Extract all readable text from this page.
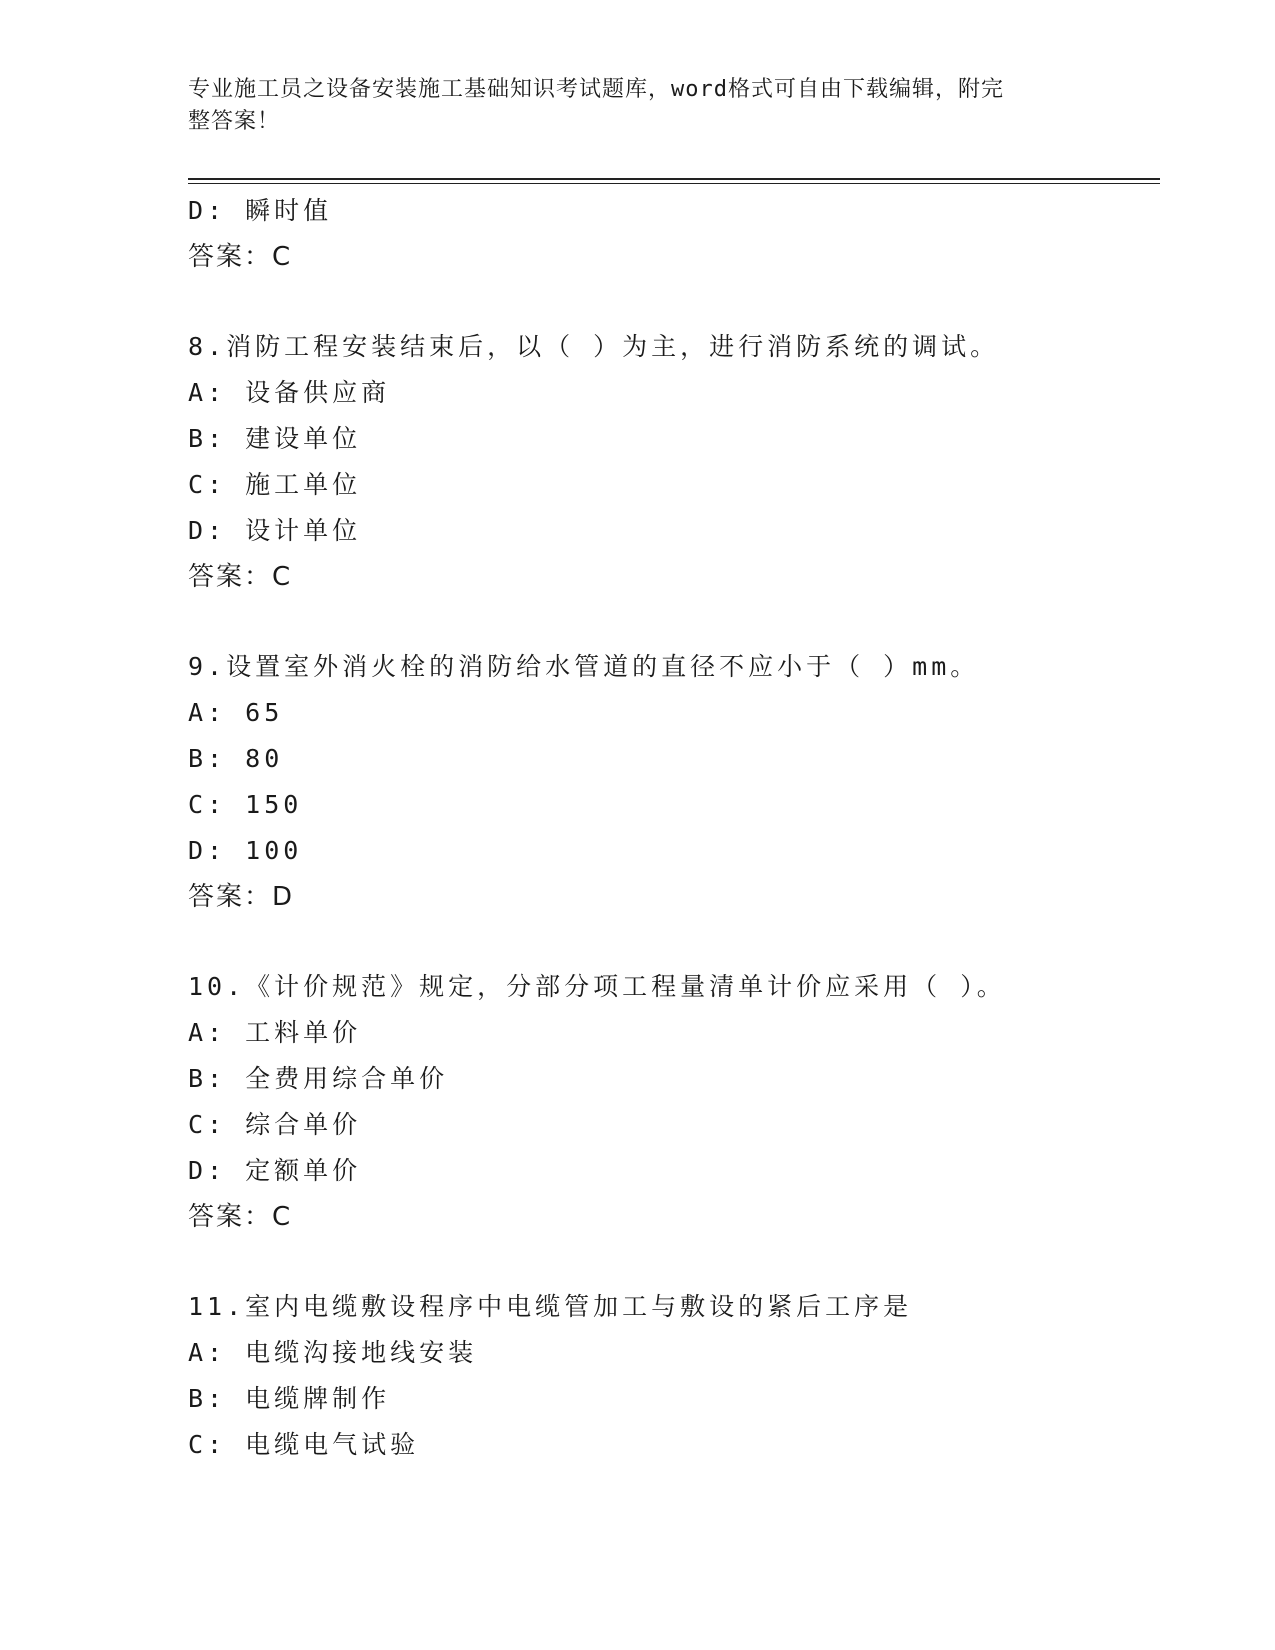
专业施工员之设备安装施工基础知识考试题库，word格式可自由下载编辑，附完
整答案！
D: 瞬时值
答案：C
8.消防工程安装结束后，以（ ）为主，进行消防系统的调试。
A: 设备供应商
B: 建设单位
C: 施工单位
D: 设计单位
答案：C
9.设置室外消火栓的消防给水管道的直径不应小于（ ）mm。
A: 65
B: 80
C: 150
D: 100
答案：D
10.《计价规范》规定，分部分项工程量清单计价应采用（ ）。
A: 工料单价
B: 全费用综合单价
C: 综合单价
D: 定额单价
答案：C
11.室内电缆敷设程序中电缆管加工与敷设的紧后工序是
A: 电缆沟接地线安装
B: 电缆牌制作
C: 电缆电气试验
